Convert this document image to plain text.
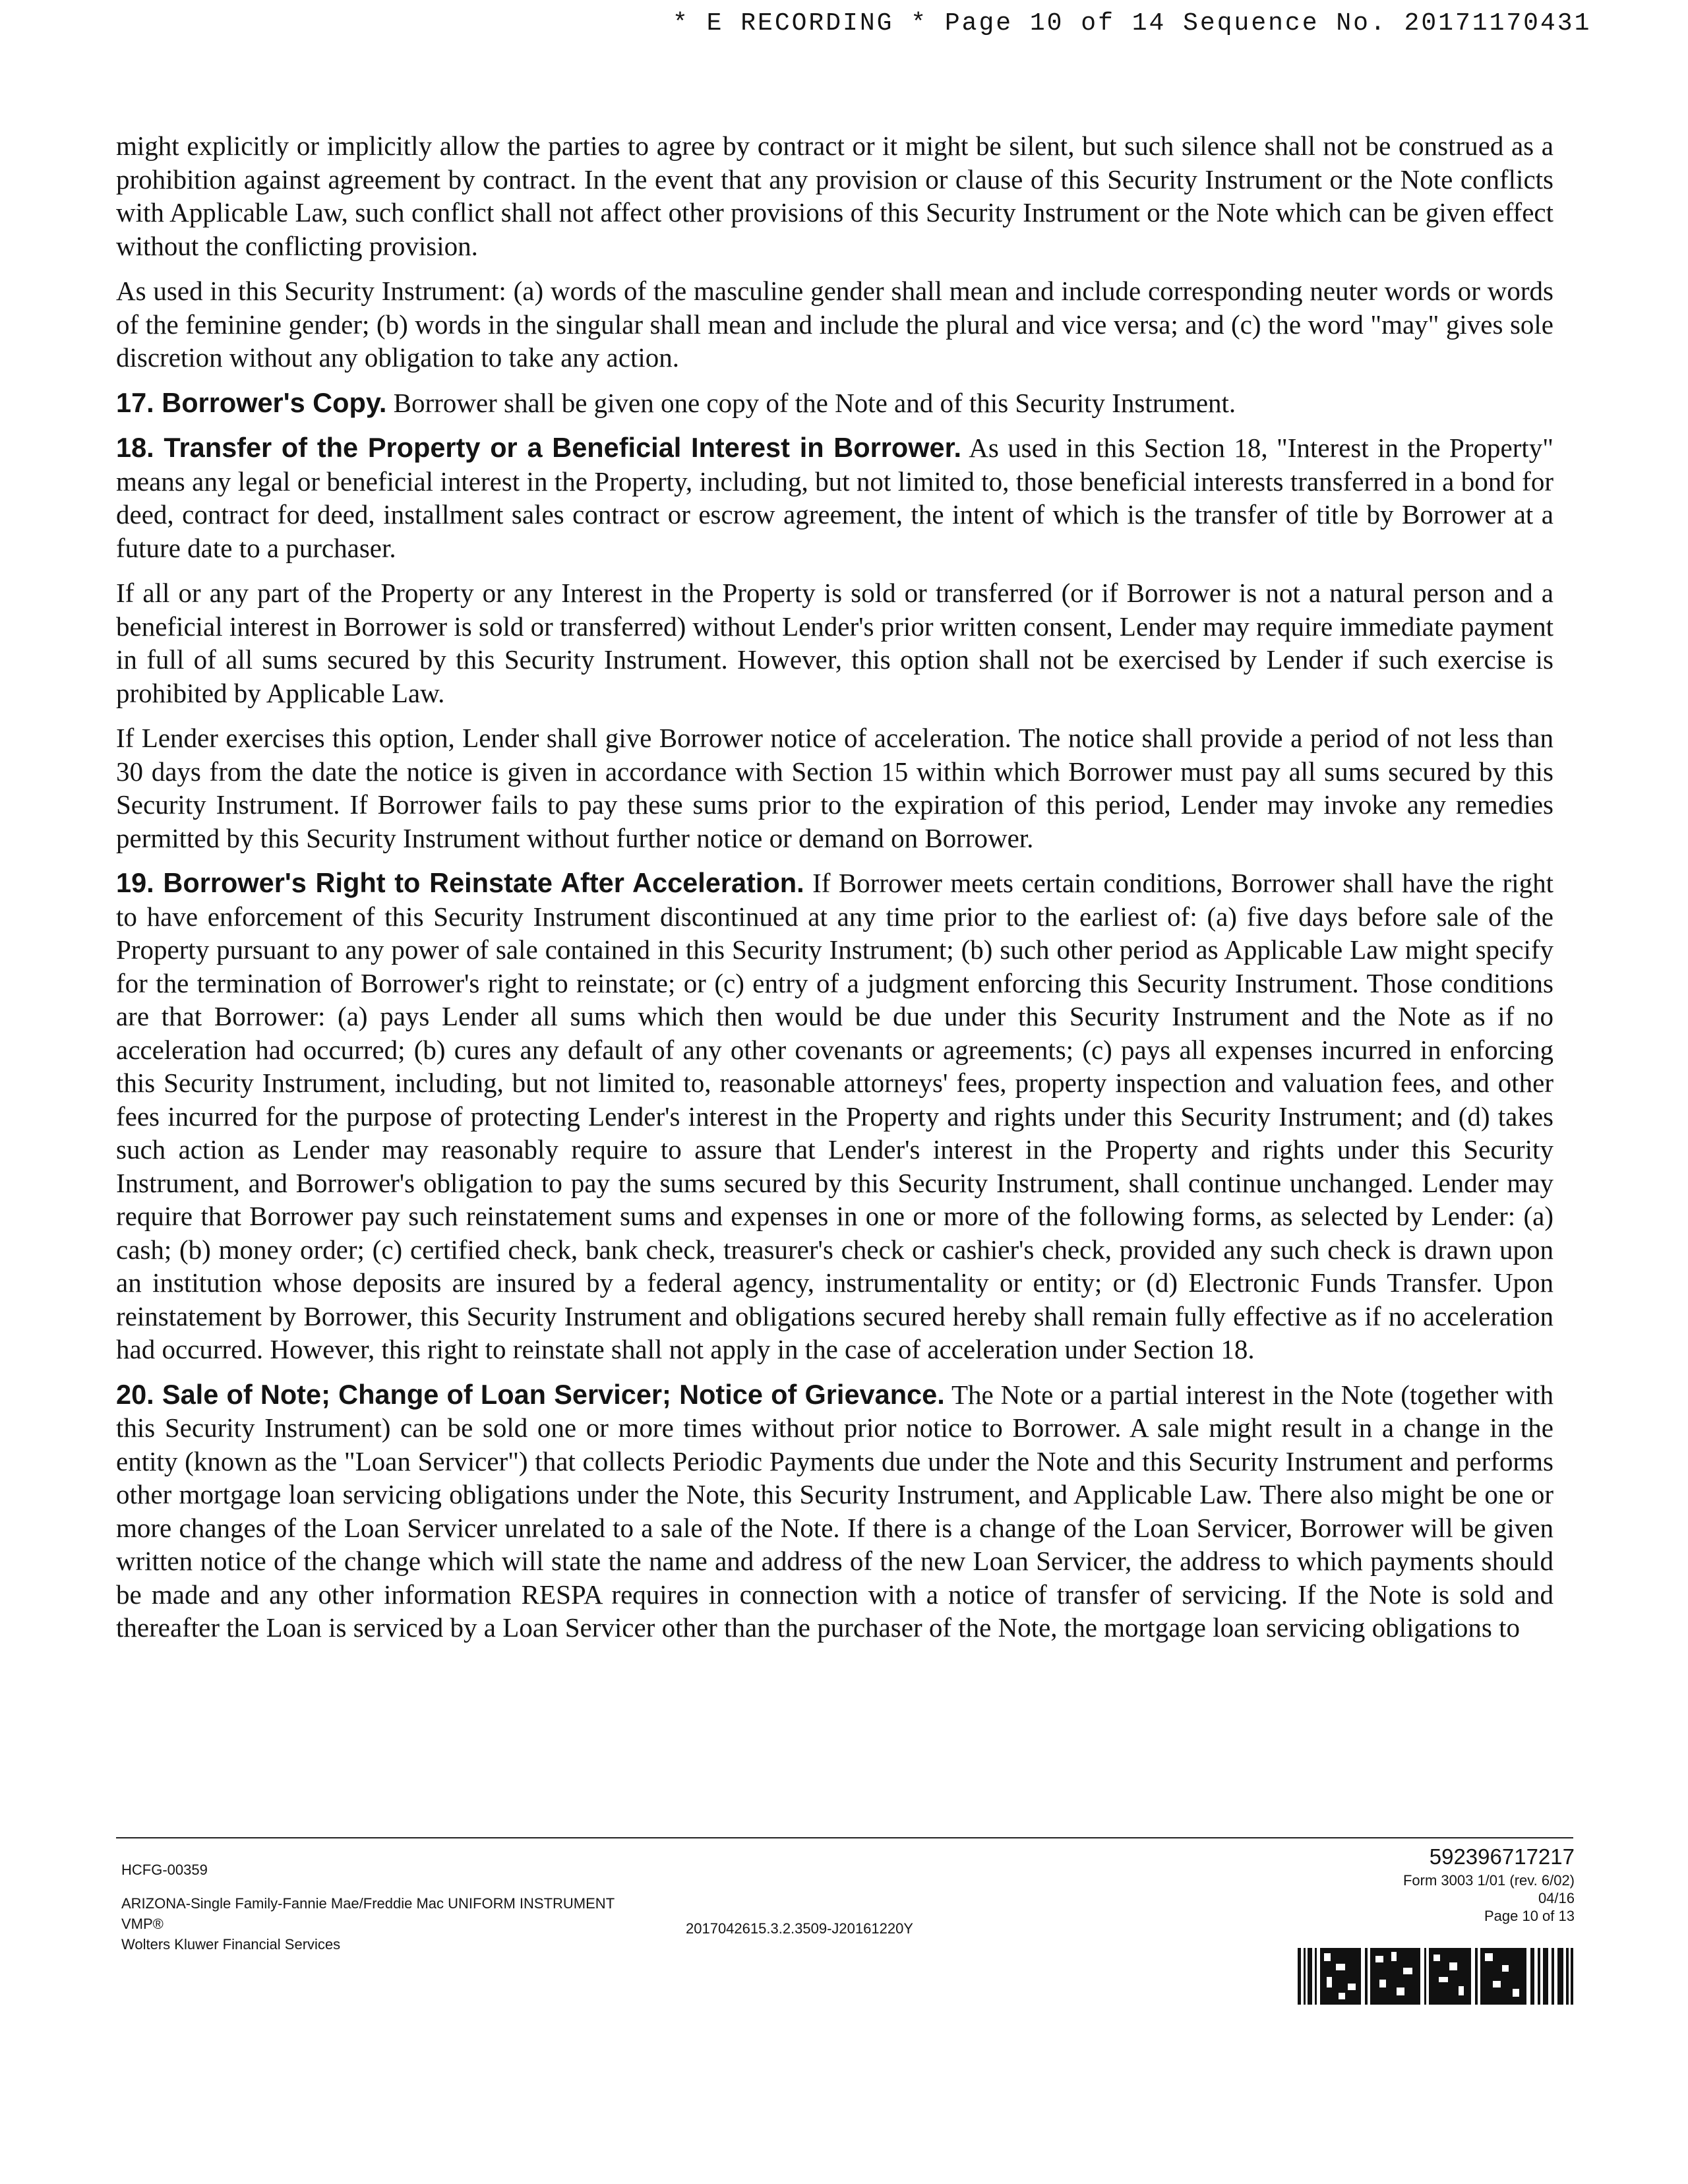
* E RECORDING * Page 10 of 14 Sequence No. 20171170431

might explicitly or implicitly allow the parties to agree by contract or it might be silent, but such silence shall not be construed as a prohibition against agreement by contract. In the event that any provision or clause of this Security Instrument or the Note conflicts with Applicable Law, such conflict shall not affect other provisions of this Security Instrument or the Note which can be given effect without the conflicting provision.

As used in this Security Instrument: (a) words of the masculine gender shall mean and include corresponding neuter words or words of the feminine gender; (b) words in the singular shall mean and include the plural and vice versa; and (c) the word "may" gives sole discretion without any obligation to take any action.

17. Borrower's Copy. Borrower shall be given one copy of the Note and of this Security Instrument.

18. Transfer of the Property or a Beneficial Interest in Borrower. As used in this Section 18, "Interest in the Property" means any legal or beneficial interest in the Property, including, but not limited to, those beneficial interests transferred in a bond for deed, contract for deed, installment sales contract or escrow agreement, the intent of which is the transfer of title by Borrower at a future date to a purchaser.

If all or any part of the Property or any Interest in the Property is sold or transferred (or if Borrower is not a natural person and a beneficial interest in Borrower is sold or transferred) without Lender's prior written consent, Lender may require immediate payment in full of all sums secured by this Security Instrument. However, this option shall not be exercised by Lender if such exercise is prohibited by Applicable Law.

If Lender exercises this option, Lender shall give Borrower notice of acceleration. The notice shall provide a period of not less than 30 days from the date the notice is given in accordance with Section 15 within which Borrower must pay all sums secured by this Security Instrument. If Borrower fails to pay these sums prior to the expiration of this period, Lender may invoke any remedies permitted by this Security Instrument without further notice or demand on Borrower.

19. Borrower's Right to Reinstate After Acceleration. If Borrower meets certain conditions, Borrower shall have the right to have enforcement of this Security Instrument discontinued at any time prior to the earliest of: (a) five days before sale of the Property pursuant to any power of sale contained in this Security Instrument; (b) such other period as Applicable Law might specify for the termination of Borrower's right to reinstate; or (c) entry of a judgment enforcing this Security Instrument. Those conditions are that Borrower: (a) pays Lender all sums which then would be due under this Security Instrument and the Note as if no acceleration had occurred; (b) cures any default of any other covenants or agreements; (c) pays all expenses incurred in enforcing this Security Instrument, including, but not limited to, reasonable attorneys' fees, property inspection and valuation fees, and other fees incurred for the purpose of protecting Lender's interest in the Property and rights under this Security Instrument; and (d) takes such action as Lender may reasonably require to assure that Lender's interest in the Property and rights under this Security Instrument, and Borrower's obligation to pay the sums secured by this Security Instrument, shall continue unchanged. Lender may require that Borrower pay such reinstatement sums and expenses in one or more of the following forms, as selected by Lender: (a) cash; (b) money order; (c) certified check, bank check, treasurer's check or cashier's check, provided any such check is drawn upon an institution whose deposits are insured by a federal agency, instrumentality or entity; or (d) Electronic Funds Transfer. Upon reinstatement by Borrower, this Security Instrument and obligations secured hereby shall remain fully effective as if no acceleration had occurred. However, this right to reinstate shall not apply in the case of acceleration under Section 18.

20. Sale of Note; Change of Loan Servicer; Notice of Grievance. The Note or a partial interest in the Note (together with this Security Instrument) can be sold one or more times without prior notice to Borrower. A sale might result in a change in the entity (known as the "Loan Servicer") that collects Periodic Payments due under the Note and this Security Instrument and performs other mortgage loan servicing obligations under the Note, this Security Instrument, and Applicable Law. There also might be one or more changes of the Loan Servicer unrelated to a sale of the Note. If there is a change of the Loan Servicer, Borrower will be given written notice of the change which will state the name and address of the new Loan Servicer, the address to which payments should be made and any other information RESPA requires in connection with a notice of transfer of servicing. If the Note is sold and thereafter the Loan is serviced by a Loan Servicer other than the purchaser of the Note, the mortgage loan servicing obligations to

HCFG-00359
ARIZONA-Single Family-Fannie Mae/Freddie Mac UNIFORM INSTRUMENT
VMP®
Wolters Kluwer Financial Services
2017042615.3.2.3509-J20161220Y
592396717217
Form 3003 1/01 (rev. 6/02)
04/16
Page 10 of 13
